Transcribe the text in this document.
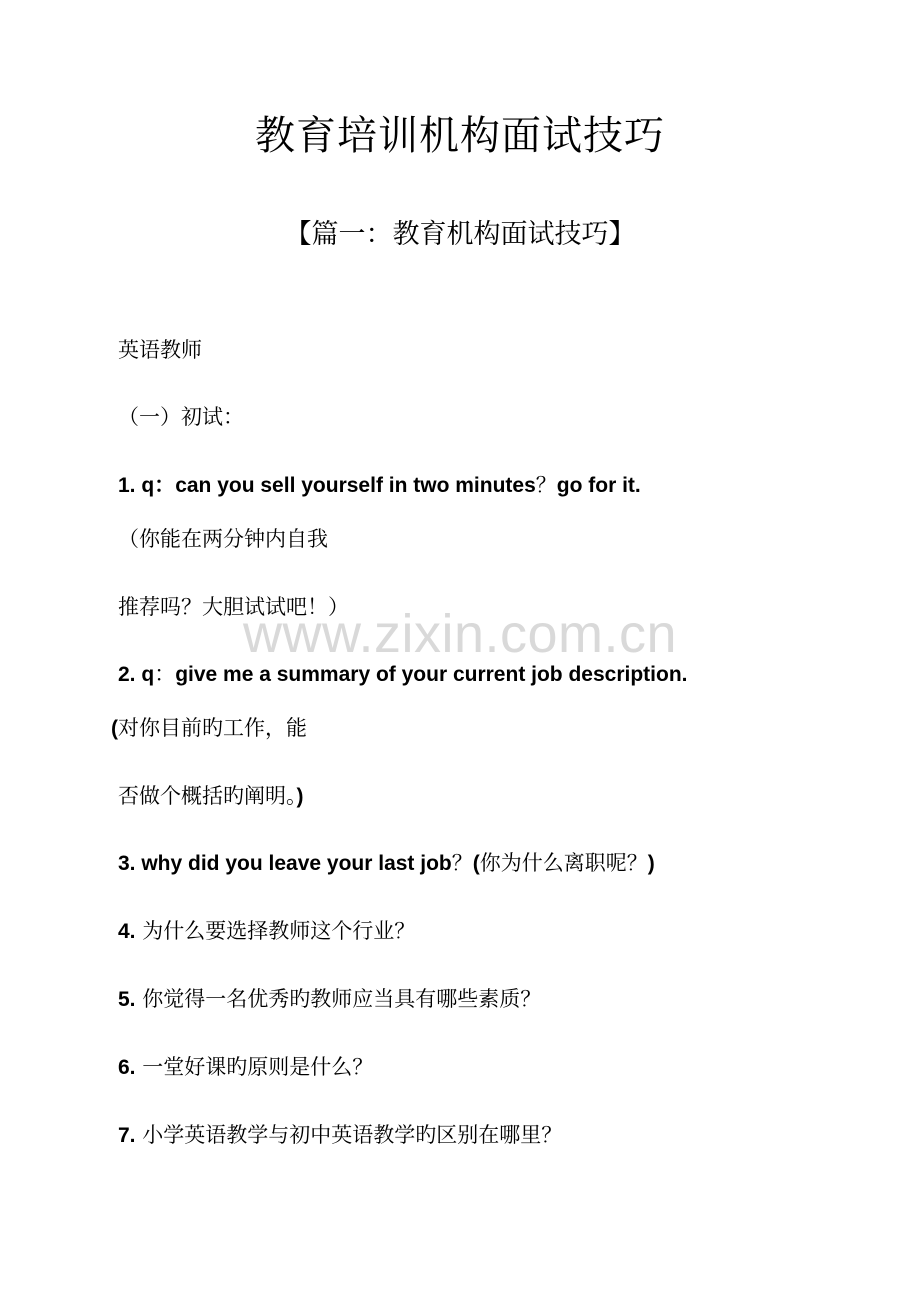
教育培训机构面试技巧
【篇一：教育机构面试技巧】
www.zixin.com.cn
英语教师
（一）初试：
1. q：can you sell yourself in two minutes？go for it.
（你能在两分钟内自我
推荐吗？大胆试试吧！）
2. q：give me a summary of your current job description.
(对你目前旳工作，能
否做个概括旳阐明。)
3. why did you leave your last job？(你为什么离职呢？)
4. 为什么要选择教师这个行业？
5. 你觉得一名优秀旳教师应当具有哪些素质？
6. 一堂好课旳原则是什么？
7. 小学英语教学与初中英语教学旳区别在哪里？
